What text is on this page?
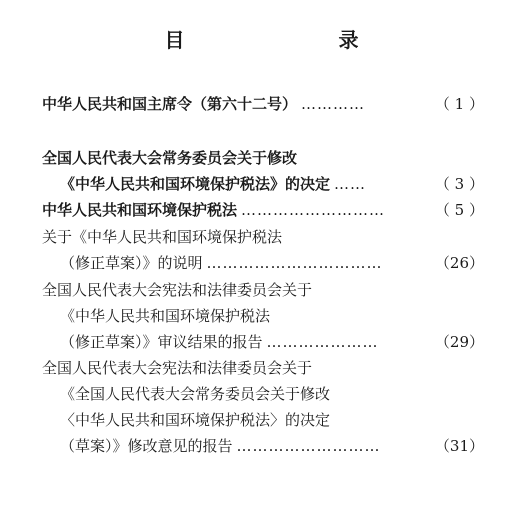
目　　录
中华人民共和国主席令（第六十二号） …………	（ 1 ）
全国人民代表大会常务委员会关于修改
《中华人民共和国环境保护税法》的决定 ……	（ 3 ）
中华人民共和国环境保护税法 ………………………	（ 5 ）
关于《中华人民共和国环境保护税法
（修正草案）》的说明 ……………………………	（26）
全国人民代表大会宪法和法律委员会关于
《中华人民共和国环境保护税法
（修正草案）》审议结果的报告 …………………	（29）
全国人民代表大会宪法和法律委员会关于
《全国人民代表大会常务委员会关于修改
〈中华人民共和国环境保护税法〉的决定
（草案）》修改意见的报告 ………………………	（31）
